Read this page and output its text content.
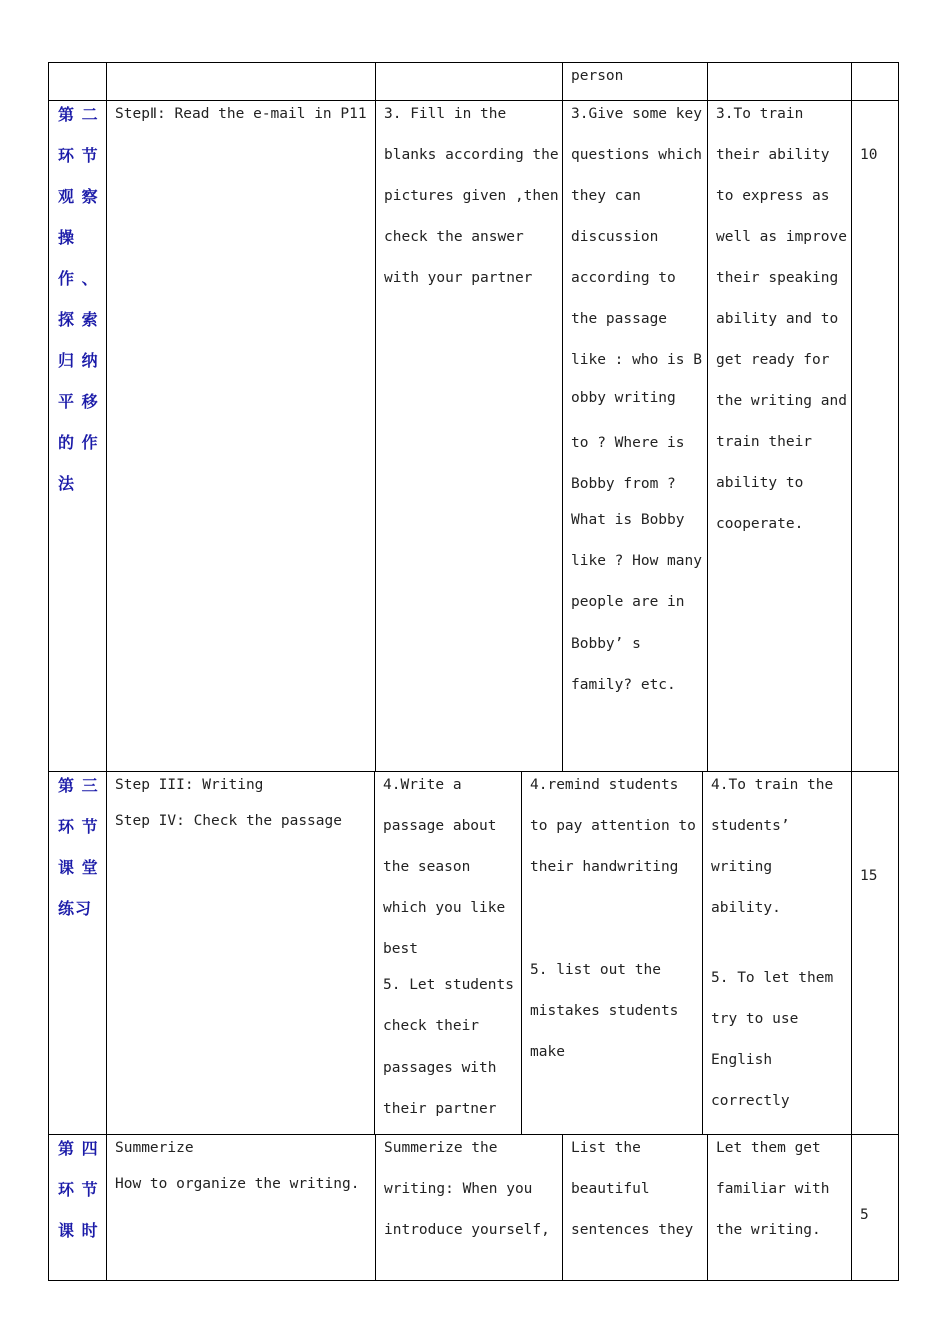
person
第 二
环 节
观 察
操
作 、
探 索
归 纳
平 移
的 作
法
StepⅡ: Read the e-mail in P11 3. Fill in the
blanks according the
pictures given ,then
check the answer
with your partner
3.Give some key
questions which
they can
discussion
according to
the passage
like : who is B
obby writing
to ? Where is
Bobby from ?
What is Bobby
like ? How many
people are in
Bobby’ s
family? etc.
3.To train
their ability
to express as
well as improve
their speaking
ability and to
get ready for
the writing and
train their
ability to
cooperate.
10
第 三
环 节
课 堂
练习
Step III: Writing
Step IV: Check the passage
4.Write a
passage about
the season
which you like
best
5. Let students
check their
passages with
their partner
4.remind students
to pay attention to
their handwriting
5. list out the
mistakes students
make
4.To train the
students’
writing
ability.
5. To let them
try to use
English
correctly
15
第 四
环 节
课 时
Summerize
How to organize the writing.
Summerize the
writing: When you
introduce yourself,
List the
beautiful
sentences they
Let them get
familiar with
the writing.
5
